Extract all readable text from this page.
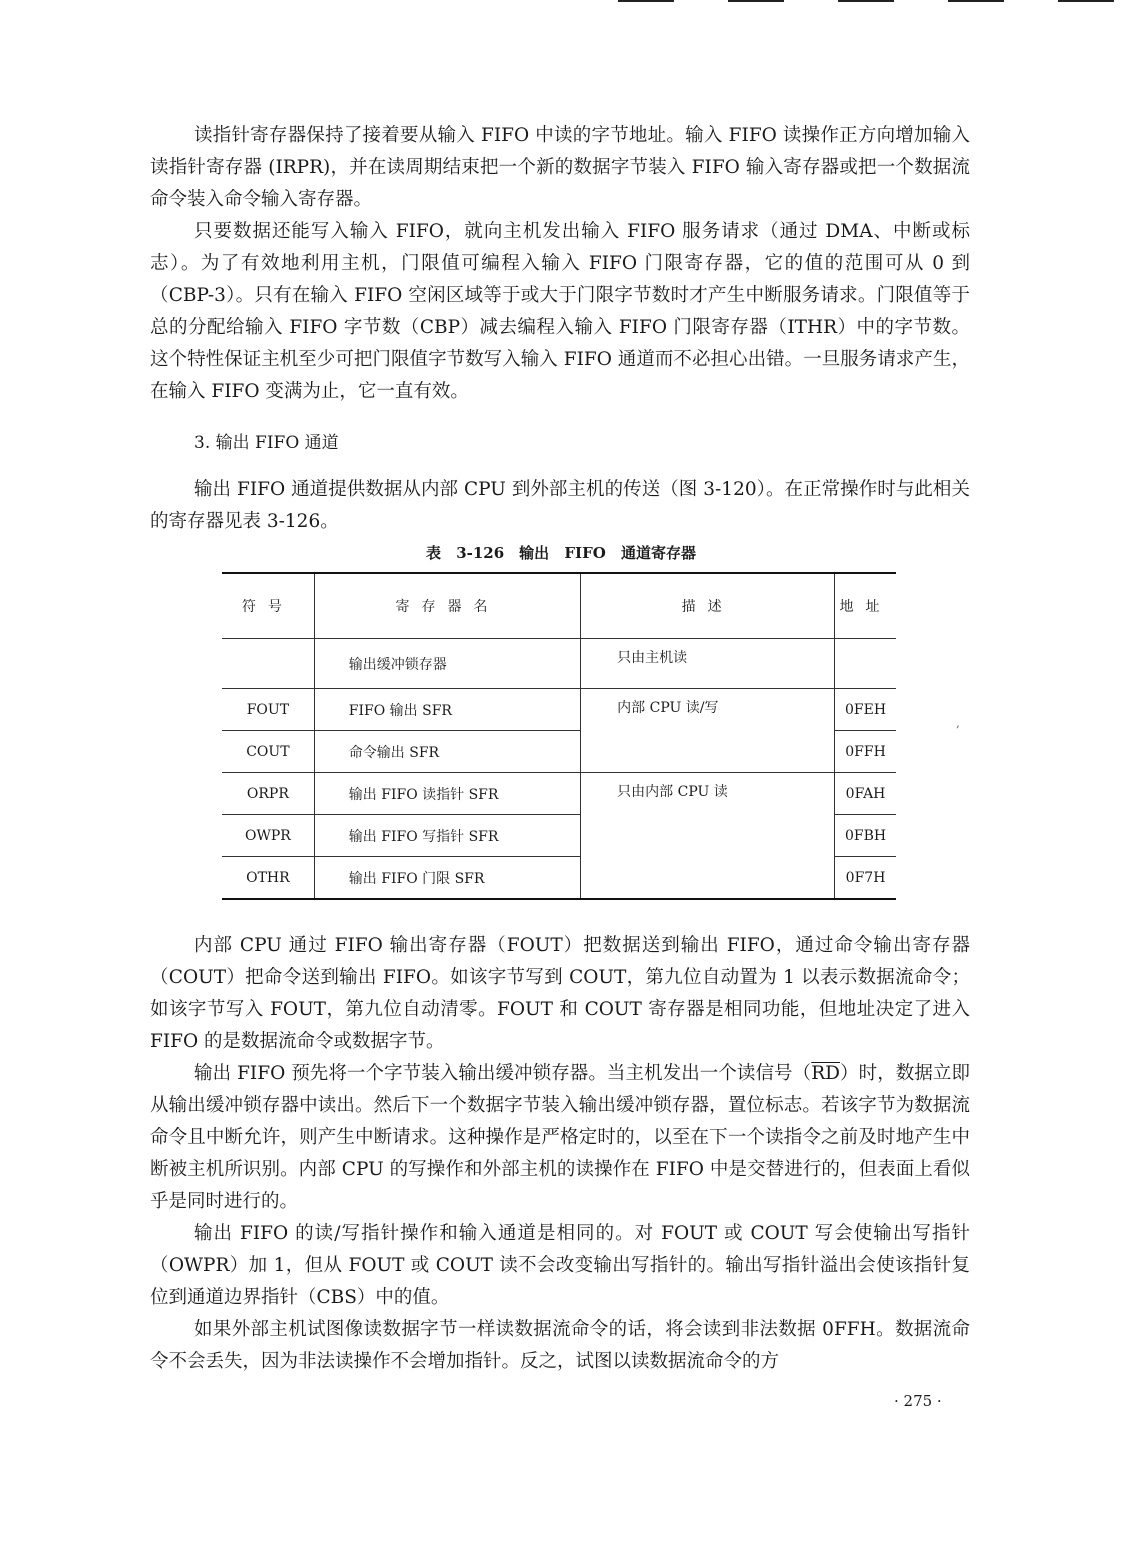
读指针寄存器保持了接着要从输入 FIFO 中读的字节地址。输入 FIFO 读操作正方向增加输入读指针寄存器 (IRPR)，并在读周期结束把一个新的数据字节装入 FIFO 输入寄存器或把一个数据流命令装入命令输入寄存器。

只要数据还能写入输入 FIFO，就向主机发出输入 FIFO 服务请求（通过 DMA、中断或标志）。为了有效地利用主机，门限值可编程入输入 FIFO 门限寄存器，它的值的范围可从 0 到（CBP-3）。只有在输入 FIFO 空闲区域等于或大于门限字节数时才产生中断服务请求。门限值等于总的分配给输入 FIFO 字节数（CBP）减去编程入输入 FIFO 门限寄存器（ITHR）中的字节数。这个特性保证主机至少可把门限值字节数写入输入 FIFO 通道而不必担心出错。一旦服务请求产生，在输入 FIFO 变满为止，它一直有效。

3. 输出 FIFO 通道

输出 FIFO 通道提供数据从内部 CPU 到外部主机的传送（图 3-120）。在正常操作时与此相关的寄存器见表 3-126。

表 3-126　输出 FIFO 通道寄存器

符号	寄存器名	描述	地址
	输出缓冲锁存器	只由主机读	
FOUT	FIFO 输出 SFR	内部 CPU 读/写	0FEH
COUT	命令输出 SFR		0FFH
ORPR	输出 FIFO 读指针 SFR	只由内部 CPU 读	0FAH
OWPR	输出 FIFO 写指针 SFR		0FBH
OTHR	输出 FIFO 门限 SFR		0F7H
,

内部 CPU 通过 FIFO 输出寄存器（FOUT）把数据送到输出 FIFO，通过命令输出寄存器（COUT）把命令送到输出 FIFO。如该字节写到 COUT，第九位自动置为 1 以表示数据流命令；如该字节写入 FOUT，第九位自动清零。FOUT 和 COUT 寄存器是相同功能，但地址决定了进入 FIFO 的是数据流命令或数据字节。

输出 FIFO 预先将一个字节装入输出缓冲锁存器。当主机发出一个读信号$(\overline{RD})$时，数据立即从输出缓冲锁存器中读出。然后下一个数据字节装入输出缓冲锁存器，置位标志。若该字节为数据流命令且中断允许，则产生中断请求。这种操作是严格定时的，以至在下一个读指令之前及时地产生中断被主机所识别。内部 CPU 的写操作和外部主机的读操作在 FIFO 中是交替进行的，但表面上看似乎是同时进行的。

输出 FIFO 的读/写指针操作和输入通道是相同的。对 FOUT 或 COUT 写会使输出写指针（OWPR）加 1，但从 FOUT 或 COUT 读不会改变输出写指针的。输出写指针溢出会使该指针复位到通道边界指针（CBS）中的值。

如果外部主机试图像读数据字节一样读数据流命令的话，将会读到非法数据 0FFH。数据流命令不会丢失，因为非法读操作不会增加指针。反之，试图以读数据流命令的方

· 275 ·
